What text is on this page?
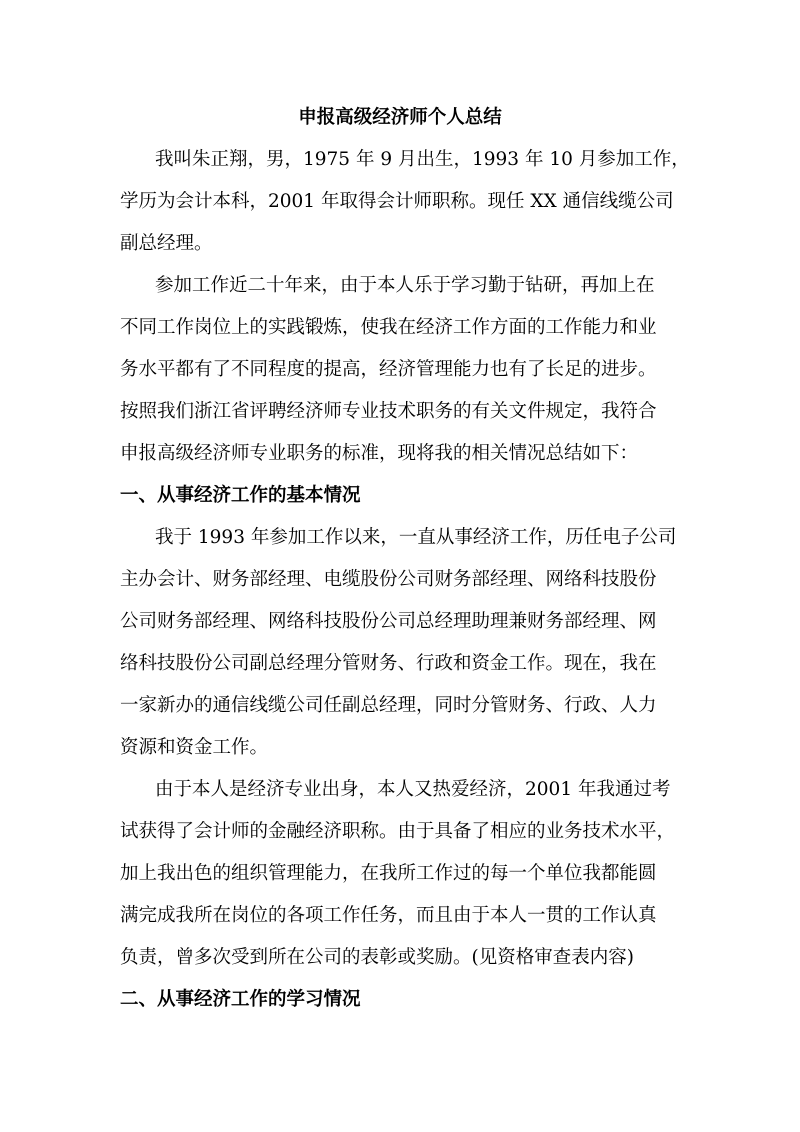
申报高级经济师个人总结
我叫朱正翔，男，1975 年 9 月出生，1993 年 10 月参加工作，
学历为会计本科，2001 年取得会计师职称。现任 XX 通信线缆公司
副总经理。
参加工作近二十年来，由于本人乐于学习勤于钻研，再加上在
不同工作岗位上的实践锻炼，使我在经济工作方面的工作能力和业
务水平都有了不同程度的提高，经济管理能力也有了长足的进步。
按照我们浙江省评聘经济师专业技术职务的有关文件规定，我符合
申报高级经济师专业职务的标准，现将我的相关情况总结如下：
一、从事经济工作的基本情况
我于 1993 年参加工作以来，一直从事经济工作，历任电子公司
主办会计、财务部经理、电缆股份公司财务部经理、网络科技股份
公司财务部经理、网络科技股份公司总经理助理兼财务部经理、网
络科技股份公司副总经理分管财务、行政和资金工作。现在，我在
一家新办的通信线缆公司任副总经理，同时分管财务、行政、人力
资源和资金工作。
由于本人是经济专业出身，本人又热爱经济，2001 年我通过考
试获得了会计师的金融经济职称。由于具备了相应的业务技术水平，
加上我出色的组织管理能力，在我所工作过的每一个单位我都能圆
满完成我所在岗位的各项工作任务，而且由于本人一贯的工作认真
负责，曾多次受到所在公司的表彰或奖励。(见资格审查表内容)
二、从事经济工作的学习情况
